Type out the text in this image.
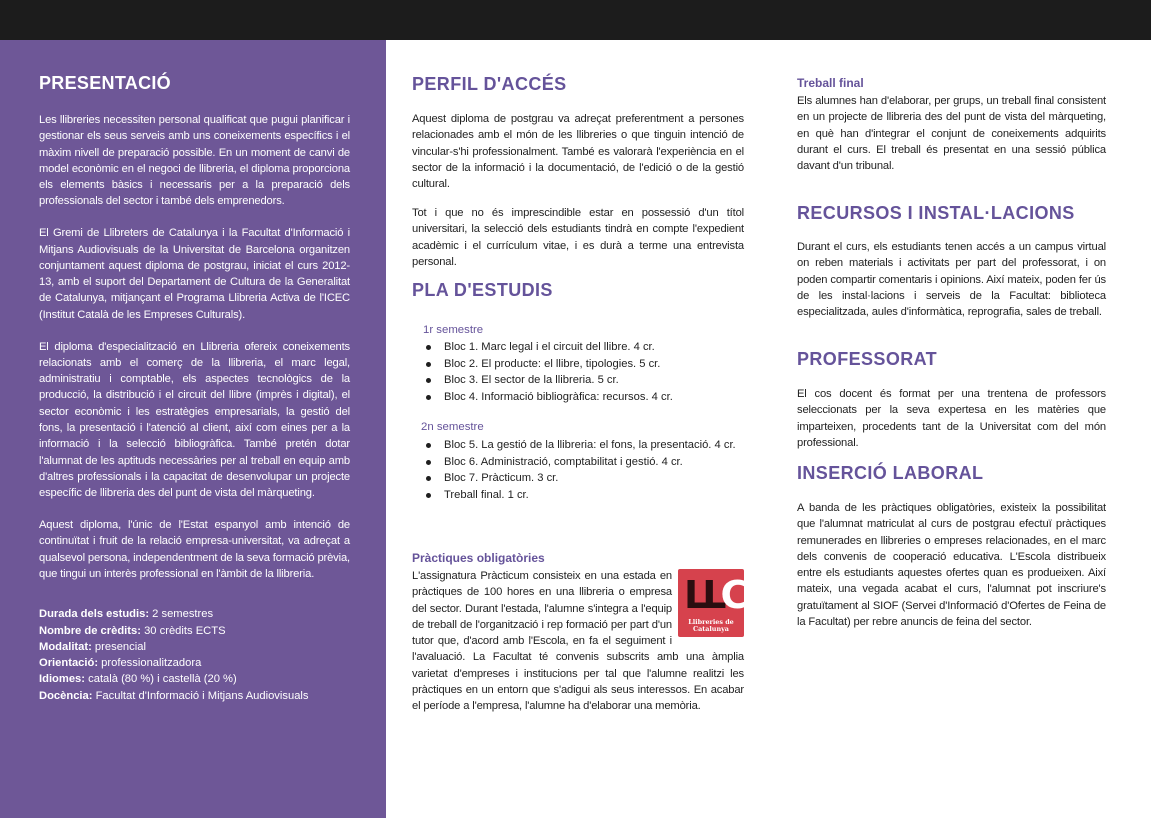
PRESENTACIÓ

Les llibreries necessiten personal qualificat que pugui planificar i gestionar els seus serveis amb uns coneixements específics i el màxim nivell de preparació possible. En un moment de canvi de model econòmic en el negoci de llibreria, el diploma proporciona els elements bàsics i necessaris per a la preparació dels professionals del sector i també dels emprenedors.

El Gremi de Llibreters de Catalunya i la Facultat d'Informació i Mitjans Audiovisuals de la Universitat de Barcelona organitzen conjuntament aquest diploma de postgrau, iniciat el curs 2012-13, amb el suport del Departament de Cultura de la Generalitat de Catalunya, mitjançant el Programa Llibreria Activa de l'ICEC (Institut Català de les Empreses Culturals).

El diploma d'especialització en Llibreria ofereix coneixements relacionats amb el comerç de la llibreria, el marc legal, administratiu i comptable, els aspectes tecnològics de la producció, la distribució i el circuit del llibre (imprès i digital), el sector econòmic i les estratègies empresarials, la gestió del fons, la presentació i l'atenció al client, així com eines per a la informació i la selecció bibliogràfica. També pretén dotar l'alumnat de les aptituds necessàries per al treball en equip amb d'altres professionals i la capacitat de desenvolupar un projecte específic de llibreria des del punt de vista del màrqueting.

Aquest diploma, l'únic de l'Estat espanyol amb intenció de continuïtat i fruit de la relació empresa-universitat, va adreçat a qualsevol persona, independentment de la seva formació prèvia, que tingui un interès professional en l'àmbit de la llibreria.

Durada dels estudis: 2 semestres
Nombre de crèdits: 30 crèdits ECTS
Modalitat: presencial
Orientació: professionalitzadora
Idiomes: català (80 %) i castellà (20 %)
Docència: Facultat d'Informació i Mitjans Audiovisuals
PERFIL D'ACCÉS
Aquest diploma de postgrau va adreçat preferentment a persones relacionades amb el món de les llibreries o que tinguin intenció de vincular-s'hi professionalment. També es valorarà l'experiència en el sector de la informació i la documentació, de l'edició o de la gestió cultural.
Tot i que no és imprescindible estar en possessió d'un títol universitari, la selecció dels estudiants tindrà en compte l'expedient acadèmic i el currículum vitae, i es durà a terme una entrevista personal.
PLA D'ESTUDIS
1r semestre
Bloc 1. Marc legal i el circuit del llibre. 4 cr.
Bloc 2. El producte: el llibre, tipologies. 5 cr.
Bloc 3. El sector de la llibreria. 5 cr.
Bloc 4. Informació bibliogràfica: recursos. 4 cr.
2n semestre
Bloc 5. La gestió de la llibreria: el fons, la presentació. 4 cr.
Bloc 6. Administració, comptabilitat i gestió. 4 cr.
Bloc 7. Pràcticum. 3 cr.
Treball final. 1 cr.
Pràctiques obligatòries
LLC
Llibreries de
Catalunya
L'assignatura Pràcticum consisteix en una estada en pràctiques de 100 hores en una llibreria o empresa del sector. Durant l'estada, l'alumne s'integra a l'equip de treball de l'organització i rep formació per part d'un tutor que, d'acord amb l'Escola, en fa el seguiment i l'avaluació. La Facultat té convenis subscrits amb una àmplia varietat d'empreses i institucions per tal que l'alumne realitzi les pràctiques en un entorn que s'adigui als seus interessos. En acabar el període a l'empresa, l'alumne ha d'elaborar una memòria.
Treball final
Els alumnes han d'elaborar, per grups, un treball final consistent en un projecte de llibreria des del punt de vista del màrqueting, en què han d'integrar el conjunt de coneixements adquirits durant el curs. El treball és presentat en una sessió pública davant d'un tribunal.
RECURSOS I INSTAL·LACIONS
Durant el curs, els estudiants tenen accés a un campus virtual on reben materials i activitats per part del professorat, i on poden compartir comentaris i opinions. Així mateix, poden fer ús de les instal·lacions i serveis de la Facultat: biblioteca especialitzada, aules d'informàtica, reprografia, sales de treball.
PROFESSORAT
El cos docent és format per una trentena de professors seleccionats per la seva expertesa en les matèries que imparteixen, procedents tant de la Universitat com del món professional.
INSERCIÓ LABORAL
A banda de les pràctiques obligatòries, existeix la possibilitat que l'alumnat matriculat al curs de postgrau efectuï pràctiques remunerades en llibreries o empreses relacionades, en el marc dels convenis de cooperació educativa. L'Escola distribueix entre els estudiants aquestes ofertes quan es produeixen. Així mateix, una vegada acabat el curs, l'alumnat pot inscriure's gratuïtament al SIOF (Servei d'Informació d'Ofertes de Feina de la Facultat) per rebre anuncis de feina del sector.
